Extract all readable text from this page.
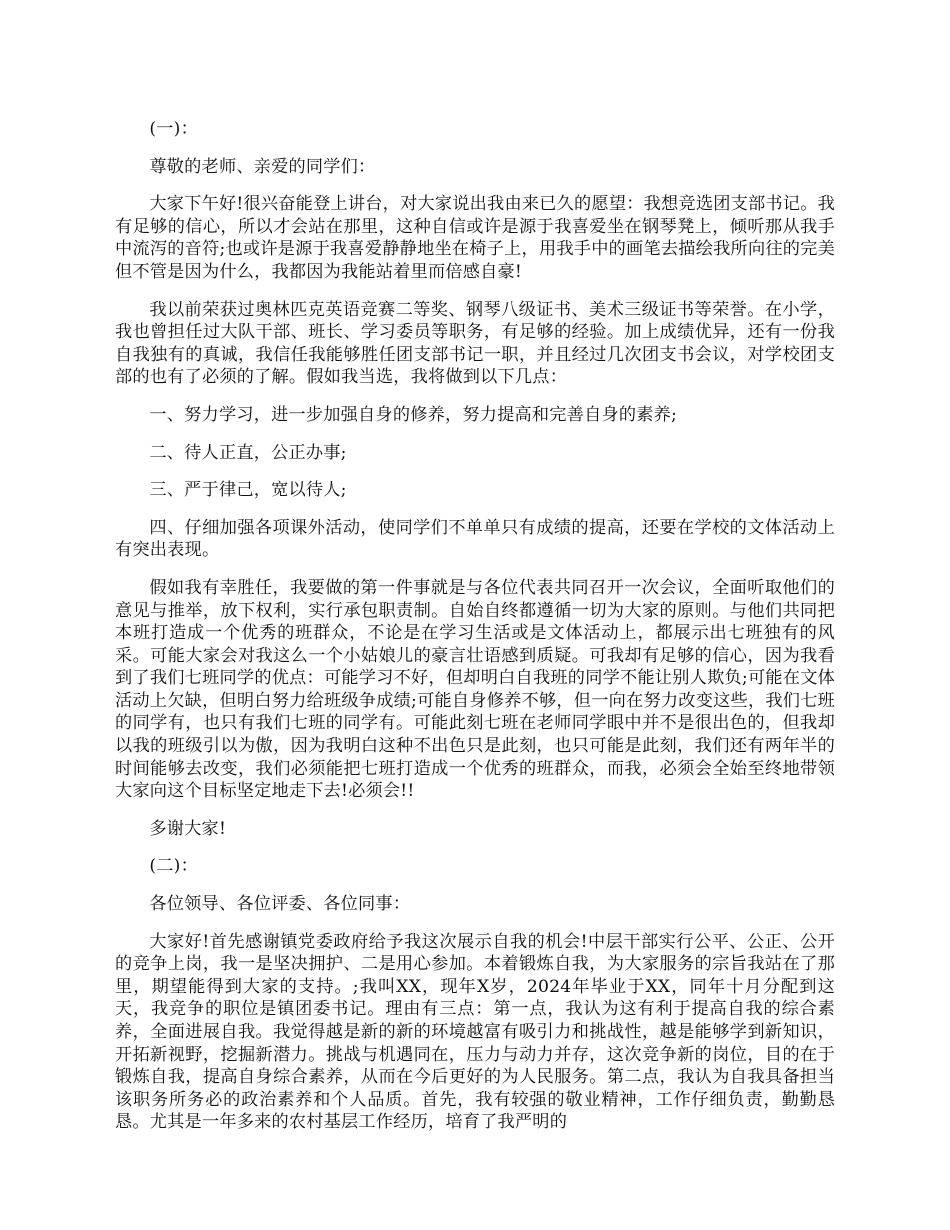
(一)：

尊敬的老师、亲爱的同学们：

大家下午好!很兴奋能登上讲台，对大家说出我由来已久的愿望：我想竞选团支部书记。我有足够的信心，所以才会站在那里，这种自信或许是源于我喜爱坐在钢琴凳上，倾听那从我手中流泻的音符;也或许是源于我喜爱静静地坐在椅子上，用我手中的画笔去描绘我所向往的完美但不管是因为什么，我都因为我能站着里而倍感自豪!

我以前荣获过奥林匹克英语竞赛二等奖、钢琴八级证书、美术三级证书等荣誉。在小学，我也曾担任过大队干部、班长、学习委员等职务，有足够的经验。加上成绩优异，还有一份我自我独有的真诚，我信任我能够胜任团支部书记一职，并且经过几次团支书会议，对学校团支部的也有了必须的了解。假如我当选，我将做到以下几点：

一、努力学习，进一步加强自身的修养，努力提高和完善自身的素养;

二、待人正直，公正办事;

三、严于律己，宽以待人;

四、仔细加强各项课外活动，使同学们不单单只有成绩的提高，还要在学校的文体活动上有突出表现。

假如我有幸胜任，我要做的第一件事就是与各位代表共同召开一次会议，全面听取他们的意见与推举，放下权利，实行承包职责制。自始自终都遵循一切为大家的原则。与他们共同把本班打造成一个优秀的班群众，不论是在学习生活或是文体活动上，都展示出七班独有的风采。可能大家会对我这么一个小姑娘儿的豪言壮语感到质疑。可我却有足够的信心，因为我看到了我们七班同学的优点：可能学习不好，但却明白自我班的同学不能让别人欺负;可能在文体活动上欠缺，但明白努力给班级争成绩;可能自身修养不够，但一向在努力改变这些，我们七班的同学有，也只有我们七班的同学有。可能此刻七班在老师同学眼中并不是很出色的，但我却以我的班级引以为傲，因为我明白这种不出色只是此刻，也只可能是此刻，我们还有两年半的时间能够去改变，我们必须能把七班打造成一个优秀的班群众，而我，必须会全始至终地带领大家向这个目标坚定地走下去!必须会!!

多谢大家!

(二)：

各位领导、各位评委、各位同事：

大家好!首先感谢镇党委政府给予我这次展示自我的机会!中层干部实行公平、公正、公开的竞争上岗，我一是坚决拥护、二是用心参加。本着锻炼自我，为大家服务的宗旨我站在了那里，期望能得到大家的支持。;我叫XX，现年X岁，2024年毕业于XX，同年十月分配到这天，我竞争的职位是镇团委书记。理由有三点：第一点，我认为这有利于提高自我的综合素养，全面进展自我。我觉得越是新的新的环境越富有吸引力和挑战性，越是能够学到新知识，开拓新视野，挖掘新潜力。挑战与机遇同在，压力与动力并存，这次竞争新的岗位，目的在于锻炼自我，提高自身综合素养，从而在今后更好的为人民服务。第二点，我认为自我具备担当该职务所务必的政治素养和个人品质。首先，我有较强的敬业精神，工作仔细负责，勤勤恳恳。尤其是一年多来的农村基层工作经历，培育了我严明的
